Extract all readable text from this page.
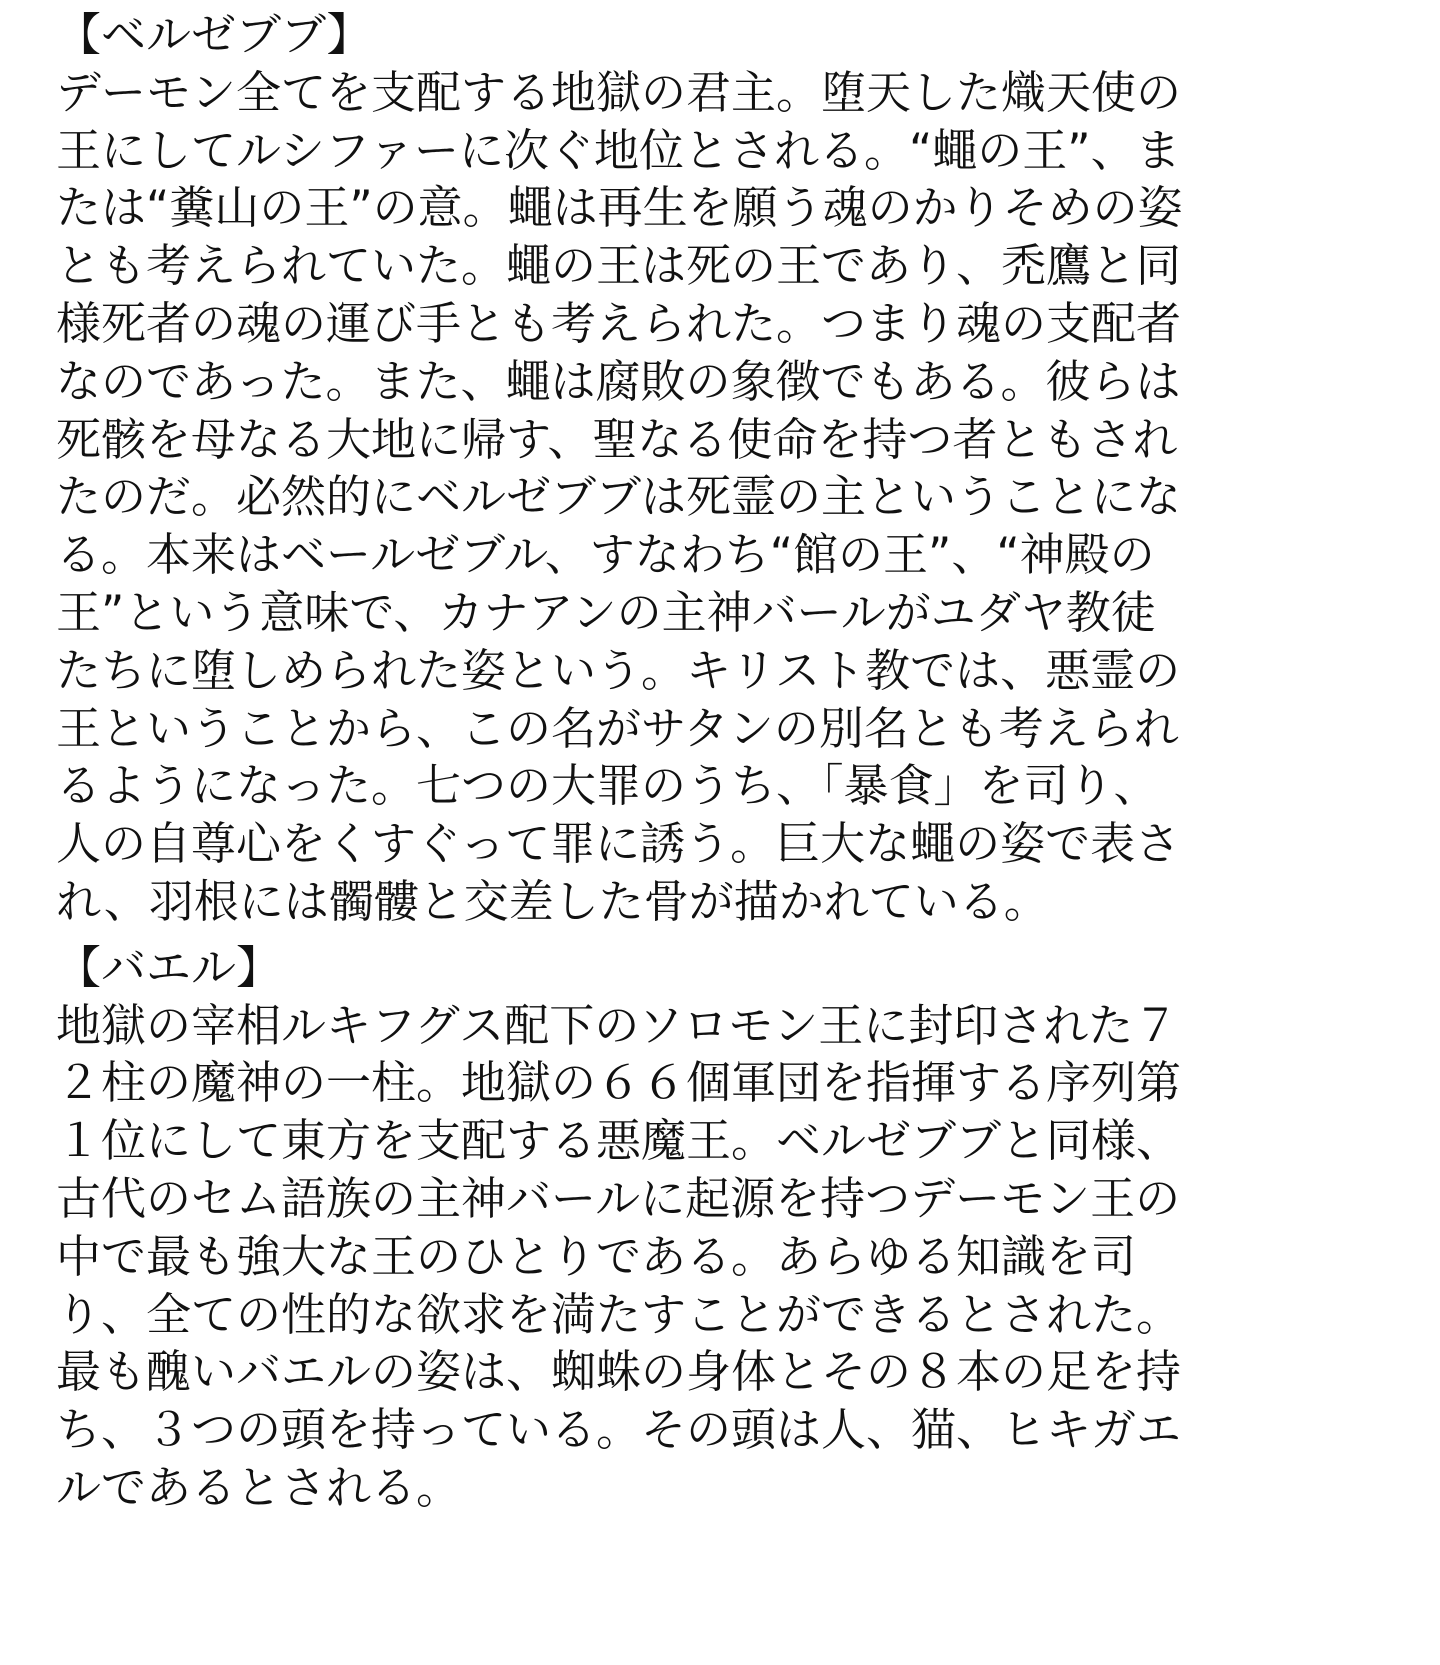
【ベルゼブブ】
デーモン全てを支配する地獄の君主。堕天した熾天使の
王にしてルシファーに次ぐ地位とされる。“蠅の王”、ま
たは“糞山の王”の意。蠅は再生を願う魂のかりそめの姿
とも考えられていた。蠅の王は死の王であり、禿鷹と同
様死者の魂の運び手とも考えられた。つまり魂の支配者
なのであった。また、蠅は腐敗の象徴でもある。彼らは
死骸を母なる大地に帰す、聖なる使命を持つ者ともされ
たのだ。必然的にベルゼブブは死霊の主ということにな
る。本来はベールゼブル、すなわち“館の王”、“神殿の
王”という意味で、カナアンの主神バールがユダヤ教徒
たちに堕しめられた姿という。キリスト教では、悪霊の
王ということから、この名がサタンの別名とも考えられ
るようになった。七つの大罪のうち、「暴食」を司り、
人の自尊心をくすぐって罪に誘う。巨大な蠅の姿で表さ
れ、羽根には髑髏と交差した骨が描かれている。
【バエル】
地獄の宰相ルキフグス配下のソロモン王に封印された７
２柱の魔神の一柱。地獄の６６個軍団を指揮する序列第
１位にして東方を支配する悪魔王。ベルゼブブと同様、
古代のセム語族の主神バールに起源を持つデーモン王の
中で最も強大な王のひとりである。あらゆる知識を司
り、全ての性的な欲求を満たすことができるとされた。
最も醜いバエルの姿は、蜘蛛の身体とその８本の足を持
ち、３つの頭を持っている。その頭は人、猫、ヒキガエ
ルであるとされる。
